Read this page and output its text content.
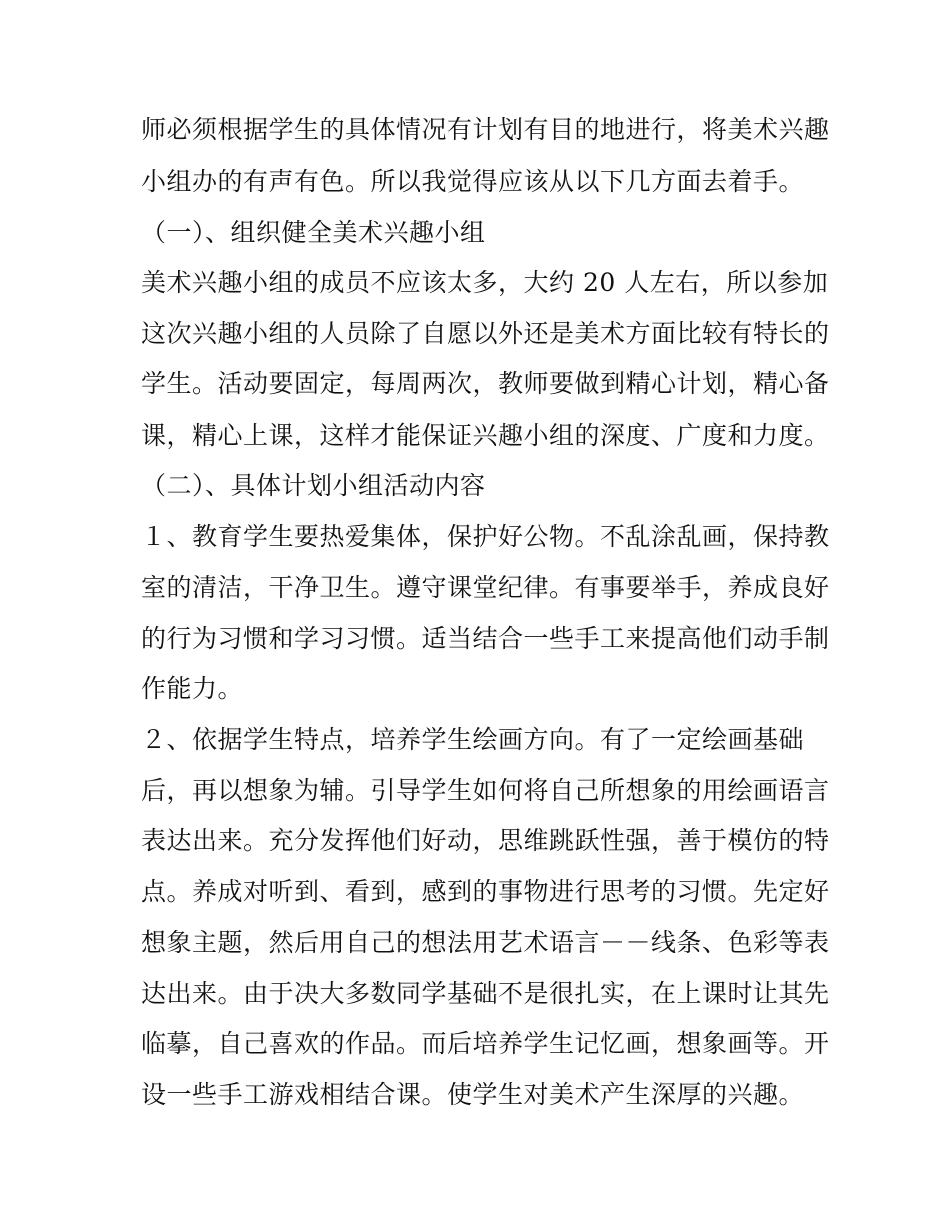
师必须根据学生的具体情况有计划有目的地进行，将美术兴趣
小组办的有声有色。所以我觉得应该从以下几方面去着手。
（一）、组织健全美术兴趣小组
美术兴趣小组的成员不应该太多，大约 20 人左右，所以参加
这次兴趣小组的人员除了自愿以外还是美术方面比较有特长的
学生。活动要固定，每周两次，教师要做到精心计划，精心备
课，精心上课，这样才能保证兴趣小组的深度、广度和力度。
（二）、具体计划小组活动内容
１、教育学生要热爱集体，保护好公物。不乱涂乱画，保持教
室的清洁，干净卫生。遵守课堂纪律。有事要举手，养成良好
的行为习惯和学习习惯。适当结合一些手工来提高他们动手制
作能力。
２、依据学生特点，培养学生绘画方向。有了一定绘画基础
后，再以想象为辅。引导学生如何将自己所想象的用绘画语言
表达出来。充分发挥他们好动，思维跳跃性强，善于模仿的特
点。养成对听到、看到，感到的事物进行思考的习惯。先定好
想象主题，然后用自己的想法用艺术语言－－线条、色彩等表
达出来。由于决大多数同学基础不是很扎实，在上课时让其先
临摹，自己喜欢的作品。而后培养学生记忆画，想象画等。开
设一些手工游戏相结合课。使学生对美术产生深厚的兴趣。
